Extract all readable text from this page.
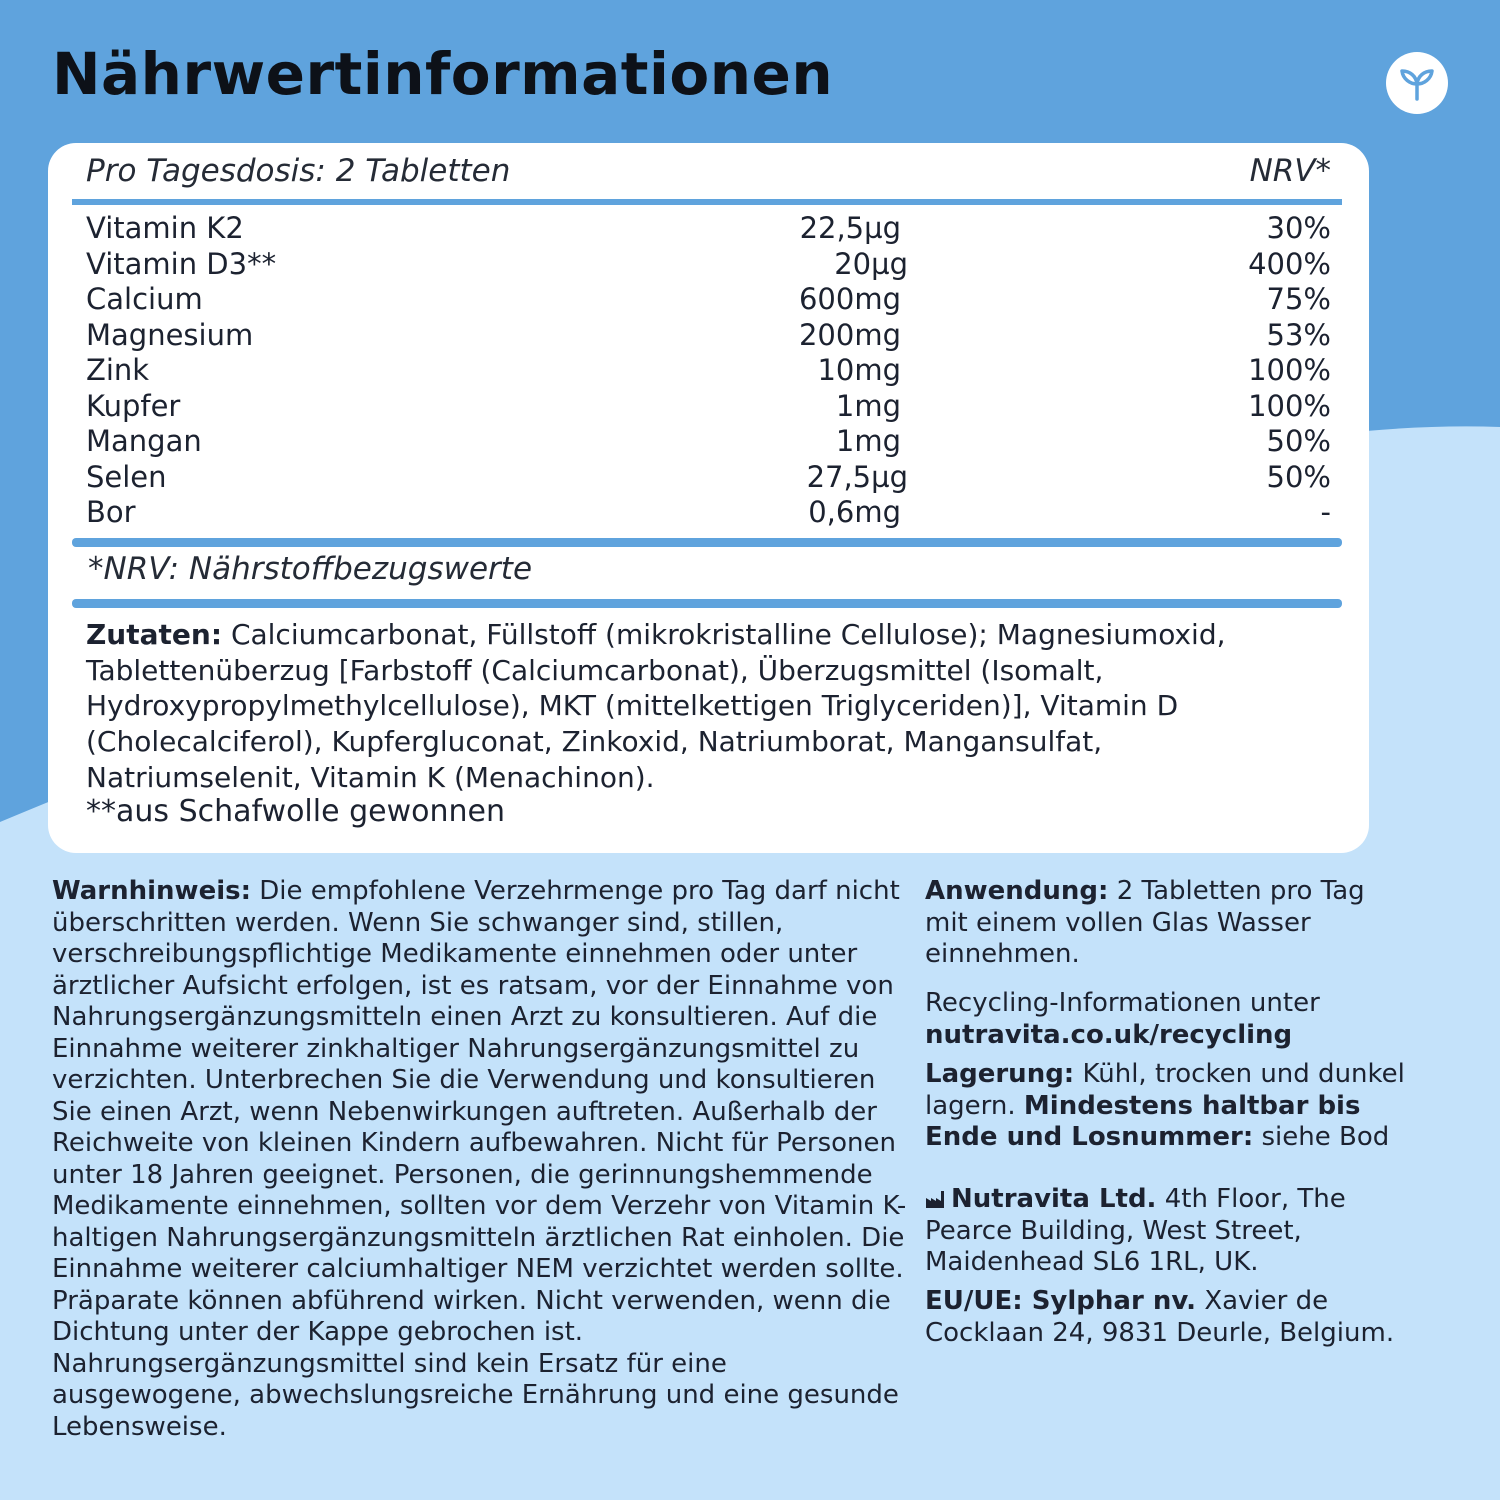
Nährwertinformationen
Pro Tagesdosis: 2 Tabletten	NRV*
Vitamin K2	22,5µg	30%
Vitamin D3**	20µg	400%
Calcium	600mg	75%
Magnesium	200mg	53%
Zink	10mg	100%
Kupfer	1mg	100%
Mangan	1mg	50%
Selen	27,5µg	50%
Bor	0,6mg	-
*NRV: Nährstoffbezugswerte
Zutaten: Calciumcarbonat, Füllstoff (mikrokristalline Cellulose); Magnesiumoxid, Tablettenüberzug [Farbstoff (Calciumcarbonat), Überzugsmittel (Isomalt, Hydroxypropylmethylcellulose), MKT (mittelkettigen Triglyceriden)], Vitamin D (Cholecalciferol), Kupfergluconat, Zinkoxid, Natriumborat, Mangansulfat, Natriumselenit, Vitamin K (Menachinon).
**aus Schafwolle gewonnen
Warnhinweis: Die empfohlene Verzehrmenge pro Tag darf nicht überschritten werden. Wenn Sie schwanger sind, stillen, verschreibungspflichtige Medikamente einnehmen oder unter ärztlicher Aufsicht erfolgen, ist es ratsam, vor der Einnahme von Nahrungsergänzungsmitteln einen Arzt zu konsultieren. Auf die Einnahme weiterer zinkhaltiger Nahrungsergänzungsmittel zu verzichten. Unterbrechen Sie die Verwendung und konsultieren Sie einen Arzt, wenn Nebenwirkungen auftreten. Außerhalb der Reichweite von kleinen Kindern aufbewahren. Nicht für Personen unter 18 Jahren geeignet. Personen, die gerinnungshemmende Medikamente einnehmen, sollten vor dem Verzehr von Vitamin K-haltigen Nahrungsergänzungsmitteln ärztlichen Rat einholen. Die Einnahme weiterer calciumhaltiger NEM verzichtet werden sollte. Präparate können abführend wirken. Nicht verwenden, wenn die Dichtung unter der Kappe gebrochen ist. Nahrungsergänzungsmittel sind kein Ersatz für eine ausgewogene, abwechslungsreiche Ernährung und eine gesunde Lebensweise.
Anwendung: 2 Tabletten pro Tag mit einem vollen Glas Wasser einnehmen.
Recycling-Informationen unter
nutravita.co.uk/recycling
Lagerung: Kühl, trocken und dunkel lagern. Mindestens haltbar bis Ende und Losnummer: siehe Bod
Nutravita Ltd. 4th Floor, The Pearce Building, West Street, Maidenhead SL6 1RL, UK.
EU/UE: Sylphar nv. Xavier de Cocklaan 24, 9831 Deurle, Belgium.
